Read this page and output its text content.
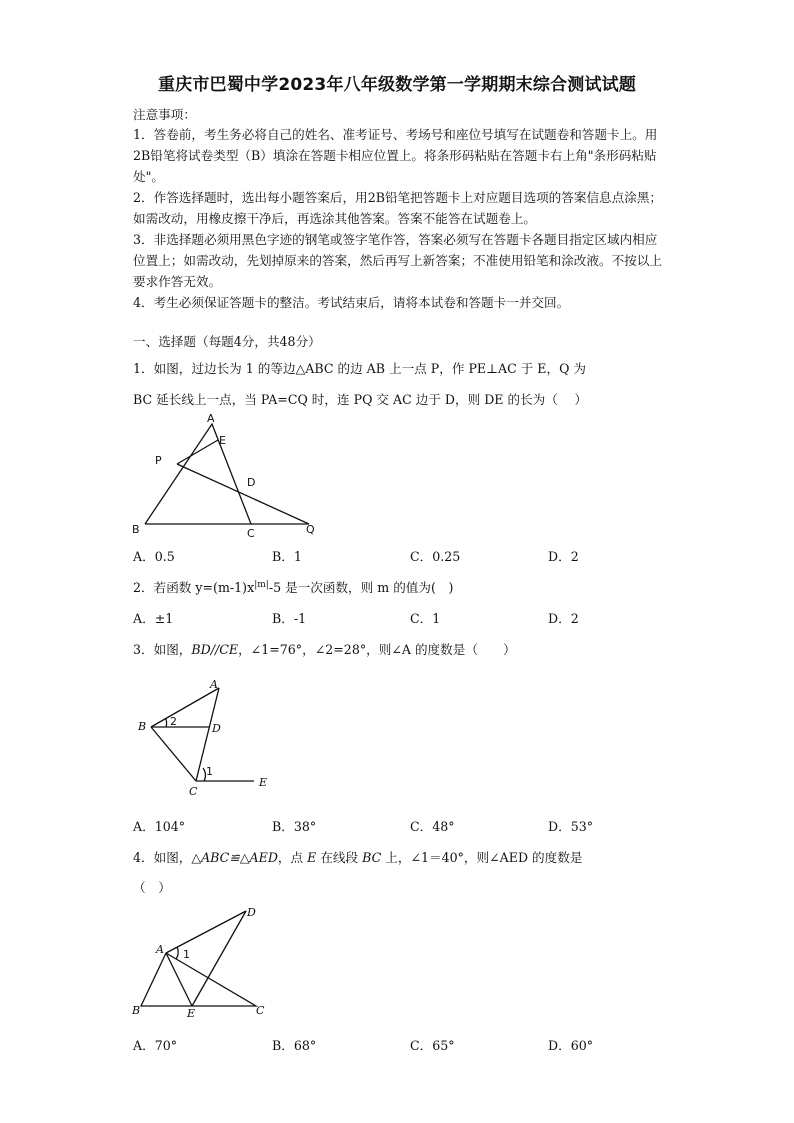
重庆市巴蜀中学2023年八年级数学第一学期期末综合测试试题
注意事项：

1．答卷前，考生务必将自己的姓名、准考证号、考场号和座位号填写在试题卷和答题卡上。用2B铅笔将试卷类型（B）填涂在答题卡相应位置上。将条形码粘贴在答题卡右上角"条形码粘贴处"。

2．作答选择题时，选出每小题答案后，用2B铅笔把答题卡上对应题目选项的答案信息点涂黑；如需改动，用橡皮擦干净后，再选涂其他答案。答案不能答在试题卷上。

3．非选择题必须用黑色字迹的钢笔或签字笔作答，答案必须写在答题卡各题目指定区域内相应位置上；如需改动，先划掉原来的答案，然后再写上新答案；不准使用铅笔和涂改液。不按以上要求作答无效。

4．考生必须保证答题卡的整洁。考试结束后，请将本试卷和答题卡一并交回。

一、选择题（每题4分，共48分）
1．如图，过边长为 1 的等边△ABC 的边 AB 上一点 P，作 PE⊥AC 于 E，Q 为
BC 延长线上一点，当 PA=CQ 时，连 PQ 交 AC 边于 D，则 DE 的长为（　 ）
A
E
P
D
B	C	Q
A．0.5	B．1	C．0.25	D．2
2．若函数 $y=(m-1)x^{|m|}-5$ 是一次函数，则 m 的值为(　)
A．±1	B．-1	C．1	D．2
3．如图，BD//CE，∠1=76°，∠2=28°，则∠A 的度数是（　　）
A
B 2
D
1
C
E
A．104°	B．38°	C．48°	D．53°
4．如图，△ABC≌△AED，点 E 在线段 BC 上，∠1＝40°，则∠AED 的度数是
（　）
A 1
D
B	E	C
A．70°	B．68°	C．65°	D．60°
